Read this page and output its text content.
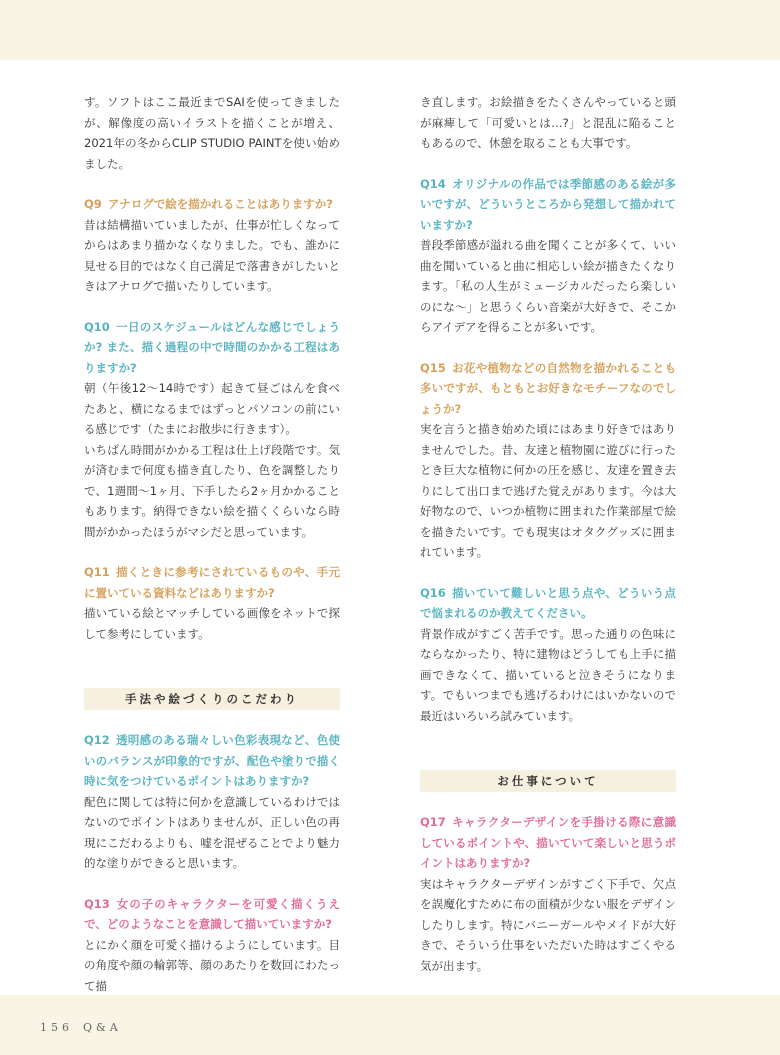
す。ソフトはここ最近までSAIを使ってきましたが、解像度の高いイラストを描くことが増え、2021年の冬からCLIP STUDIO PAINTを使い始めました。

Q9 アナログで絵を描かれることはありますか?

昔は結構描いていましたが、仕事が忙しくなってからはあまり描かなくなりました。でも、誰かに見せる目的ではなく自己満足で落書きがしたいときはアナログで描いたりしています。

Q10 一日のスケジュールはどんな感じでしょうか? また、描く過程の中で時間のかかる工程はありますか?

朝（午後12〜14時です）起きて昼ごはんを食べたあと、横になるまではずっとパソコンの前にいる感じです（たまにお散歩に行きます）。

いちばん時間がかかる工程は仕上げ段階です。気が済むまで何度も描き直したり、色を調整したりで、1週間〜1ヶ月、下手したら2ヶ月かかることもあります。納得できない絵を描くくらいなら時間がかかったほうがマシだと思っています。

Q11 描くときに参考にされているものや、手元に置いている資料などはありますか?

描いている絵とマッチしている画像をネットで探して参考にしています。

手法や絵づくりのこだわり

Q12 透明感のある瑞々しい色彩表現など、色使いのバランスが印象的ですが、配色や塗りで描く時に気をつけているポイントはありますか?

配色に関しては特に何かを意識しているわけではないのでポイントはありませんが、正しい色の再現にこだわるよりも、嘘を混ぜることでより魅力的な塗りができると思います。

Q13 女の子のキャラクターを可愛く描くうえで、どのようなことを意識して描いていますか?

とにかく顔を可愛く描けるようにしています。目の角度や顔の輪郭等、顔のあたりを数回にわたって描

き直します。お絵描きをたくさんやっていると頭が麻痺して「可愛いとは…?」と混乱に陥ることもあるので、休憩を取ることも大事です。

Q14 オリジナルの作品では季節感のある絵が多いですが、どういうところから発想して描かれていますか?

普段季節感が溢れる曲を聞くことが多くて、いい曲を聞いていると曲に相応しい絵が描きたくなります。「私の人生がミュージカルだったら楽しいのにな〜」と思うくらい音楽が大好きで、そこからアイデアを得ることが多いです。

Q15 お花や植物などの自然物を描かれることも多いですが、もともとお好きなモチーフなのでしょうか?

実を言うと描き始めた頃にはあまり好きではありませんでした。昔、友達と植物園に遊びに行ったとき巨大な植物に何かの圧を感じ、友達を置き去りにして出口まで逃げた覚えがあります。今は大好物なので、いつか植物に囲まれた作業部屋で絵を描きたいです。でも現実はオタクグッズに囲まれています。

Q16 描いていて難しいと思う点や、どういう点で悩まれるのか教えてください。

背景作成がすごく苦手です。思った通りの色味にならなかったり、特に建物はどうしても上手に描画できなくて、描いていると泣きそうになります。でもいつまでも逃げるわけにはいかないので最近はいろいろ試みています。

お仕事について

Q17 キャラクターデザインを手掛ける際に意識しているポイントや、描いていて楽しいと思うポイントはありますか?

実はキャラクターデザインがすごく下手で、欠点を誤魔化すために布の面積が少ない服をデザインしたりします。特にバニーガールやメイドが大好きで、そういう仕事をいただいた時はすごくやる気が出ます。

156 Q&A
